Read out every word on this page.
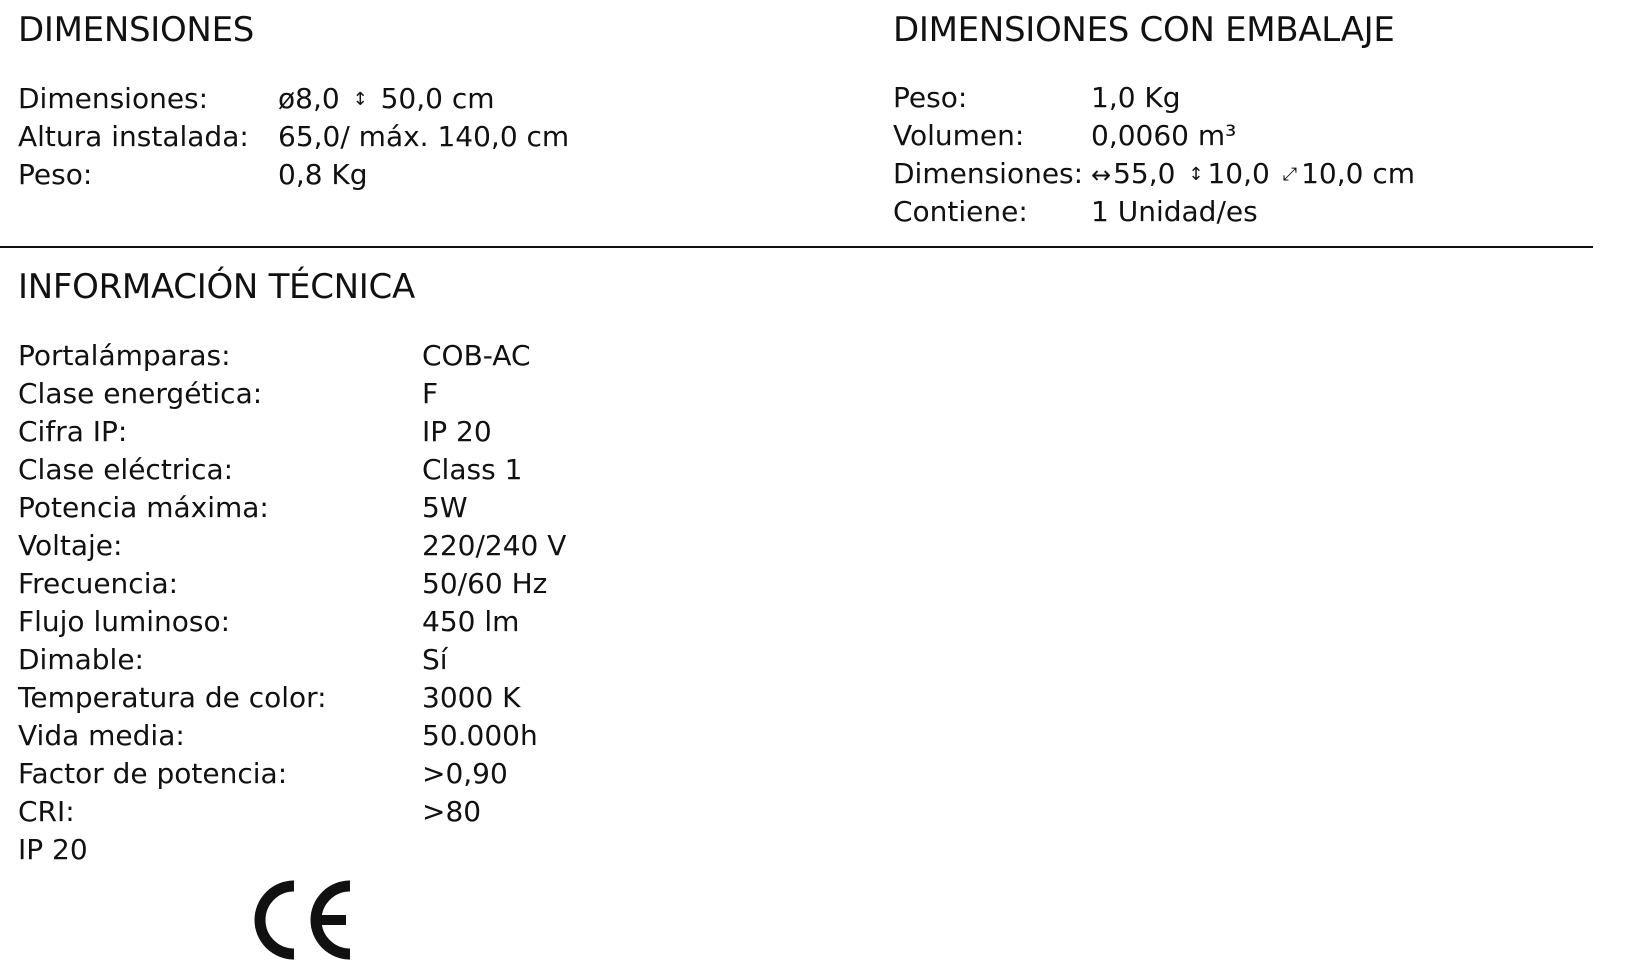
DIMENSIONES
Dimensiones: ø8,0 ↕ 50,0 cm
Altura instalada: 65,0/ máx. 140,0 cm
Peso:	0,8 Kg
DIMENSIONES CON EMBALAJE
Peso:	1,0 Kg
Volumen: 0,0060 m³
Dimensiones: ↔55,0 ↕ 10,0 ⤢ 10,0 cm
Contiene: 1 Unidad/es
INFORMACIÓN TÉCNICA
Portalámparas:	COB-AC
Clase energética:	F
Cifra IP:	IP 20
Clase eléctrica:	Class 1
Potencia máxima:	5W
Voltaje:	220/240 V
Frecuencia:	50/60 Hz
Flujo luminoso:	450 lm
Dimable:	Sí
Temperatura de color:	3000 K
Vida media:	50.000h
Factor de potencia:	>0,90
CRI:	>80
IP 20
